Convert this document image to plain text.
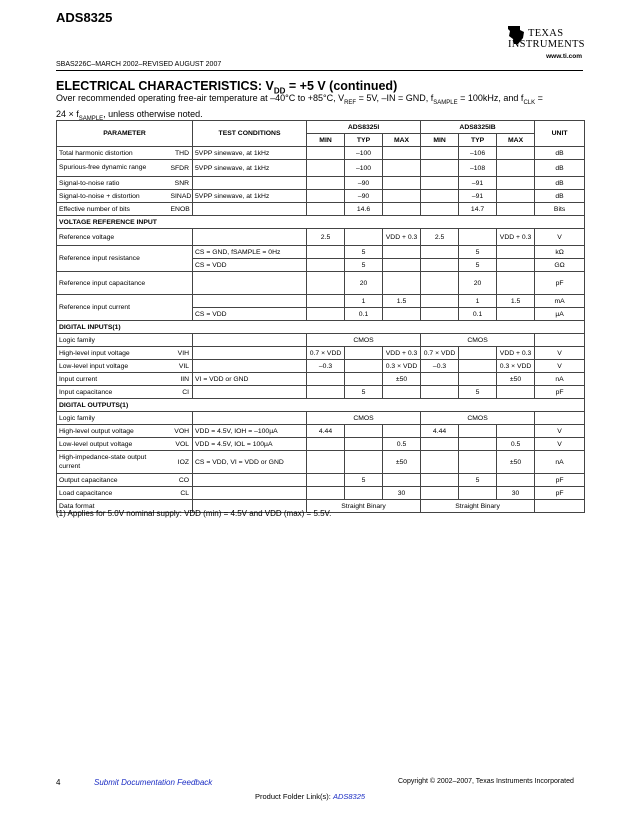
ADS8325
TEXAS
INSTRUMENTS
www.ti.com
SBAS226C–MARCH 2002–REVISED AUGUST 2007
ELECTRICAL CHARACTERISTICS: $V_{DD} = +5$ V (continued)
Over recommended operating free-air temperature at –40°C to +85°C, $V_{REF} = 5V$, –IN = GND, $f_{SAMPLE} = 100kHz$, and $f_{CLK}$ =
$24 \times f_{SAMPLE}$, unless otherwise noted.
PARAMETER		TEST CONDITIONS	ADS8325I			ADS8325IB			UNIT
			MIN	TYP	MAX	MIN	TYP	MAX	
Total harmonic distortion	THD	5VPP sinewave, at 1kHz		–100			–106		dB
Spurious-free dynamic range	SFDR	5VPP sinewave, at 1kHz		–100			–108		dB
Signal-to-noise ratio	SNR			–90			–91		dB
Signal-to-noise + distortion	SINAD	5VPP sinewave, at 1kHz		–90			–91		dB
Effective number of bits	ENOB			14.6			14.7		Bits
VOLTAGE REFERENCE INPUT									
Reference voltage			2.5		VDD + 0.3	2.5		VDD + 0.3	V
Reference input resistance		CS = GND, fSAMPLE = 0Hz		5			5		kΩ
		CS = VDD		5			5		GΩ
Reference input capacitance				20			20		pF
Reference input current				1	1.5		1	1.5	mA
		CS = VDD		0.1			0.1		µA
DIGITAL INPUTS(1)									
Logic family			CMOS			CMOS			
High-level input voltage	VIH		0.7 × VDD		VDD + 0.3	0.7 × VDD		VDD + 0.3	V
Low-level input voltage	VIL		–0.3		0.3 × VDD	–0.3		0.3 × VDD	V
Input current	IIN	VI = VDD or GND			±50			±50	nA
Input capacitance	CI			5			5		pF
DIGITAL OUTPUTS(1)									
Logic family			CMOS			CMOS			
High-level output voltage	VOH	VDD = 4.5V, IOH = –100µA	4.44			4.44			V
Low-level output voltage	VOL	VDD = 4.5V, IOL = 100µA			0.5			0.5	V
High-impedance-state output current	IOZ	CS = VDD, VI = VDD or GND			±50			±50	nA
Output capacitance	CO			5			5		pF
Load capacitance	CL				30			30	pF
Data format			Straight Binary			Straight Binary			
(1) Applies for 5.0V nominal supply: VDD (min) = 4.5V and VDD (max) = 5.5V.
4	Submit Documentation Feedback	Copyright © 2002–2007, Texas Instruments Incorporated
Product Folder Link(s): ADS8325
